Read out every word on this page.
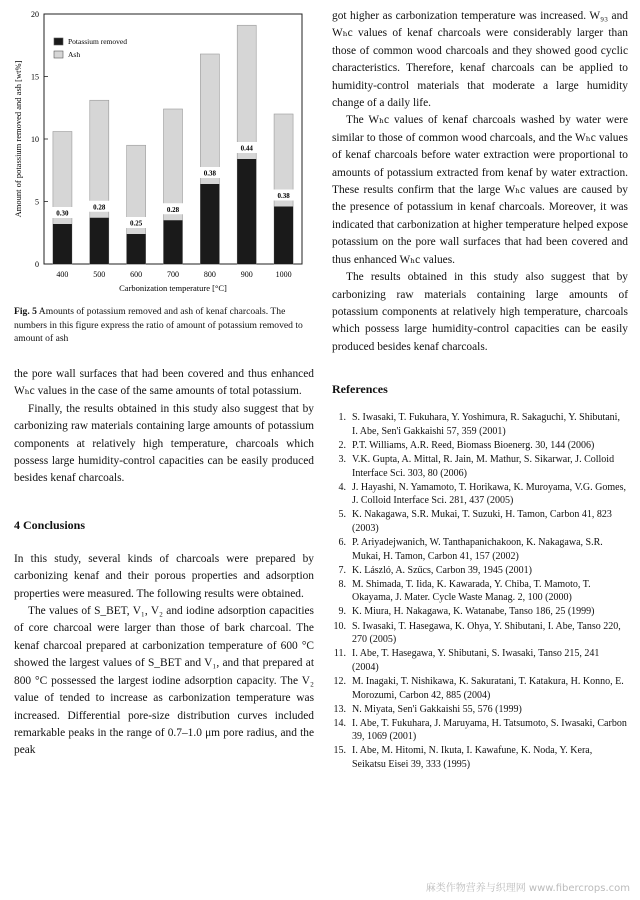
0
5
10
15
20
0.30
400
0.28
500
0.25
600
0.28
700
0.38
800
0.44
900
0.38
1000
Carbonization temperature [°C]
Amount of potassium removed and ash [wt%]
Potassium removed
Ash

Fig. 5 Amounts of potassium removed and ash of kenaf charcoals. The numbers in this figure express the ratio of amount of potassium removed to amount of ash

the pore wall surfaces that had been covered and thus enhanced Wₕc values in the case of the same amounts of total potassium.

Finally, the results obtained in this study also suggest that by carbonizing raw materials containing large amounts of potassium components at relatively high temperature, charcoals which possess large humidity-control capacities can be easily produced besides kenaf charcoals.

4 Conclusions

In this study, several kinds of charcoals were prepared by carbonizing kenaf and their porous properties and adsorption properties were measured. The following results were obtained.

The values of S_BET, V₁, V₂ and iodine adsorption capacities of core charcoal were larger than those of bark charcoal. The kenaf charcoal prepared at carbonization temperature of 600 °C showed the largest values of S_BET and V₁, and that prepared at 800 °C possessed the largest iodine adsorption capacity. The V₂ value of tended to increase as carbonization temperature was increased. Differential pore-size distribution curves included remarkable peaks in the range of 0.7–1.0 μm pore radius, and the peak

got higher as carbonization temperature was increased. W₉₃ and Wₕc values of kenaf charcoals were considerably larger than those of common wood charcoals and they showed good cyclic characteristics. Therefore, kenaf charcoals can be applied to humidity-control materials that moderate a large humidity change of a daily life.

The Wₕc values of kenaf charcoals washed by water were similar to those of common wood charcoals, and the Wₕc values of kenaf charcoals before water extraction were proportional to amounts of potassium extracted from kenaf by water extraction. These results confirm that the large Wₕc values are caused by the presence of potassium in kenaf charcoals. Moreover, it was indicated that carbonization at higher temperature helped expose potassium on the pore wall surfaces that had been covered and thus enhanced Wₕc values.

The results obtained in this study also suggest that by carbonizing raw materials containing large amounts of potassium components at relatively high temperature, charcoals which possess large humidity-control capacities can be easily produced besides kenaf charcoals.

References
1. S. Iwasaki, T. Fukuhara, Y. Yoshimura, R. Sakaguchi, Y. Shibutani, I. Abe, Sen'i Gakkaishi 57, 359 (2001)
2. P.T. Williams, A.R. Reed, Biomass Bioenerg. 30, 144 (2006)
3. V.K. Gupta, A. Mittal, R. Jain, M. Mathur, S. Sikarwar, J. Colloid Interface Sci. 303, 80 (2006)
4. J. Hayashi, N. Yamamoto, T. Horikawa, K. Muroyama, V.G. Gomes, J. Colloid Interface Sci. 281, 437 (2005)
5. K. Nakagawa, S.R. Mukai, T. Suzuki, H. Tamon, Carbon 41, 823 (2003)
6. P. Ariyadejwanich, W. Tanthapanichakoon, K. Nakagawa, S.R. Mukai, H. Tamon, Carbon 41, 157 (2002)
7. K. László, A. Szűcs, Carbon 39, 1945 (2001)
8. M. Shimada, T. Iida, K. Kawarada, Y. Chiba, T. Mamoto, T. Okayama, J. Mater. Cycle Waste Manag. 2, 100 (2000)
9. K. Miura, H. Nakagawa, K. Watanabe, Tanso 186, 25 (1999)
10. S. Iwasaki, T. Hasegawa, K. Ohya, Y. Shibutani, I. Abe, Tanso 220, 270 (2005)
11. I. Abe, T. Hasegawa, Y. Shibutani, S. Iwasaki, Tanso 215, 241 (2004)
12. M. Inagaki, T. Nishikawa, K. Sakuratani, T. Katakura, H. Konno, E. Morozumi, Carbon 42, 885 (2004)
13. N. Miyata, Sen'i Gakkaishi 55, 576 (1999)
14. I. Abe, T. Fukuhara, J. Maruyama, H. Tatsumoto, S. Iwasaki, Carbon 39, 1069 (2001)
15. I. Abe, M. Hitomi, N. Ikuta, I. Kawafune, K. Noda, Y. Kera, Seikatsu Eisei 39, 333 (1995)
麻类作物营养与织理网 www.fibercrops.com
